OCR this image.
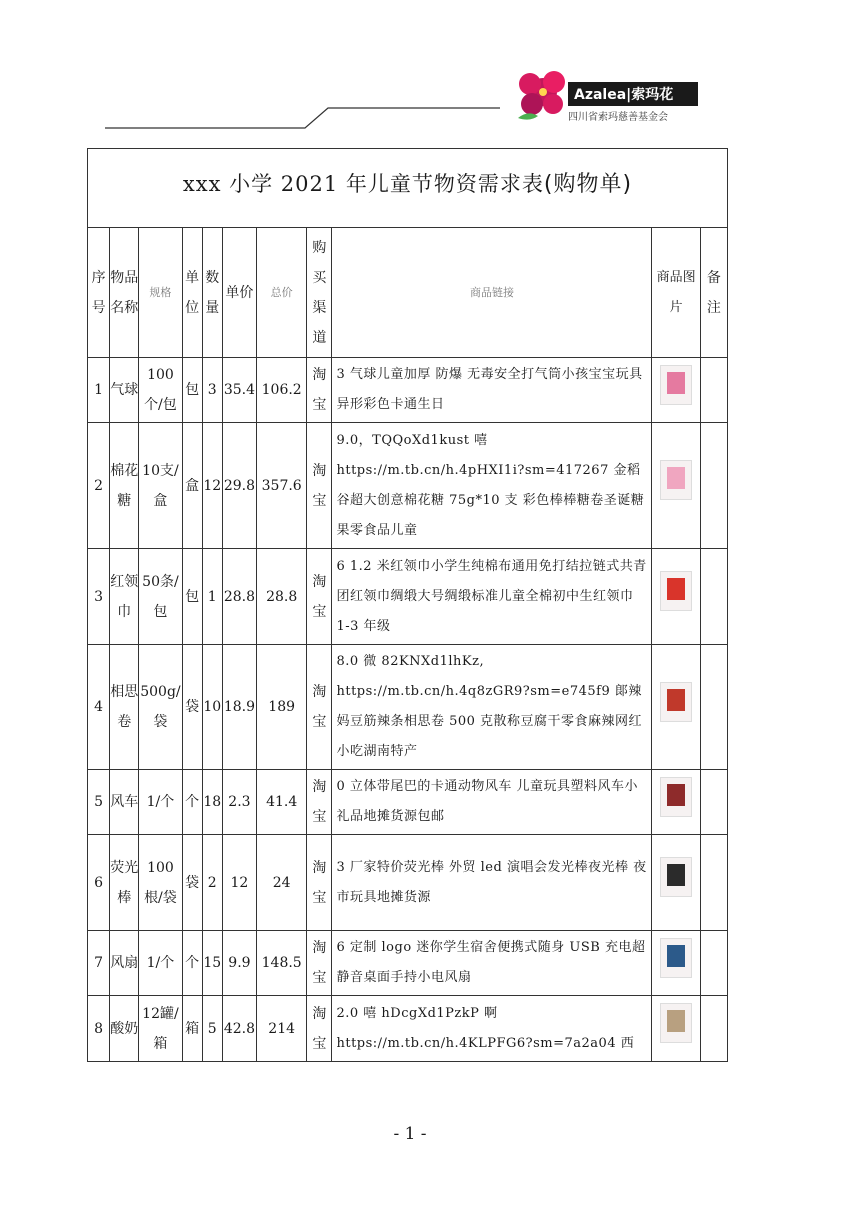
Azalea|索玛花
四川省索玛慈善基金会
xxx 小学 2021 年儿童节物资需求表(购物单)
序号	物品名称	规格	单位	数量	单价	总价	购买渠道	商品链接	商品图片	备注

1	气球	100个/包	包	3	35.4	106.2	淘宝	3 气球儿童加厚 防爆 无毒安全打气筒小孩宝宝玩具异形彩色卡通生日	

2	棉花糖	10支/盒	盒	12	29.8	357.6	淘宝	9.0，TQQoXd1kust 嘻 https://m.tb.cn/h.4pHXI1i?sm=417267 金稻谷超大创意棉花糖 75g*10 支 彩色棒棒糖卷圣诞糖果零食品儿童	

3	红领巾	50条/包	包	1	28.8	28.8	淘宝	6 1.2 米红领巾小学生纯棉布通用免打结拉链式共青团红领巾绸缎大号绸缎标准儿童全棉初中生红领巾 1-3 年级	

4	相思卷	500g/袋	袋	10	18.9	189	淘宝	8.0 微 82KNXd1lhKz, https://m.tb.cn/h.4q8zGR9?sm=e745f9 郞辣妈豆筋辣条相思卷 500 克散称豆腐干零食麻辣网红小吃湖南特产	

5	风车	1/个	个	18	2.3	41.4	淘宝	0 立体带尾巴的卡通动物风车 儿童玩具塑料风车小礼品地摊货源包邮	

6	荧光棒	100根/袋	袋	2	12	24	淘宝	3 厂家特价荧光棒 外贸 led 演唱会发光棒夜光棒 夜市玩具地摊货源	

7	风扇	1/个	个	15	9.9	148.5	淘宝	6 定制 logo 迷你学生宿舍便携式随身 USB 充电超静音桌面手持小电风扇	

8	酸奶	12罐/箱	箱	5	42.8	214	淘宝	2.0 嘻 hDcgXd1PzkP 啊 https://m.tb.cn/h.4KLPFG6?sm=7a2a04 西	

- 1 -
